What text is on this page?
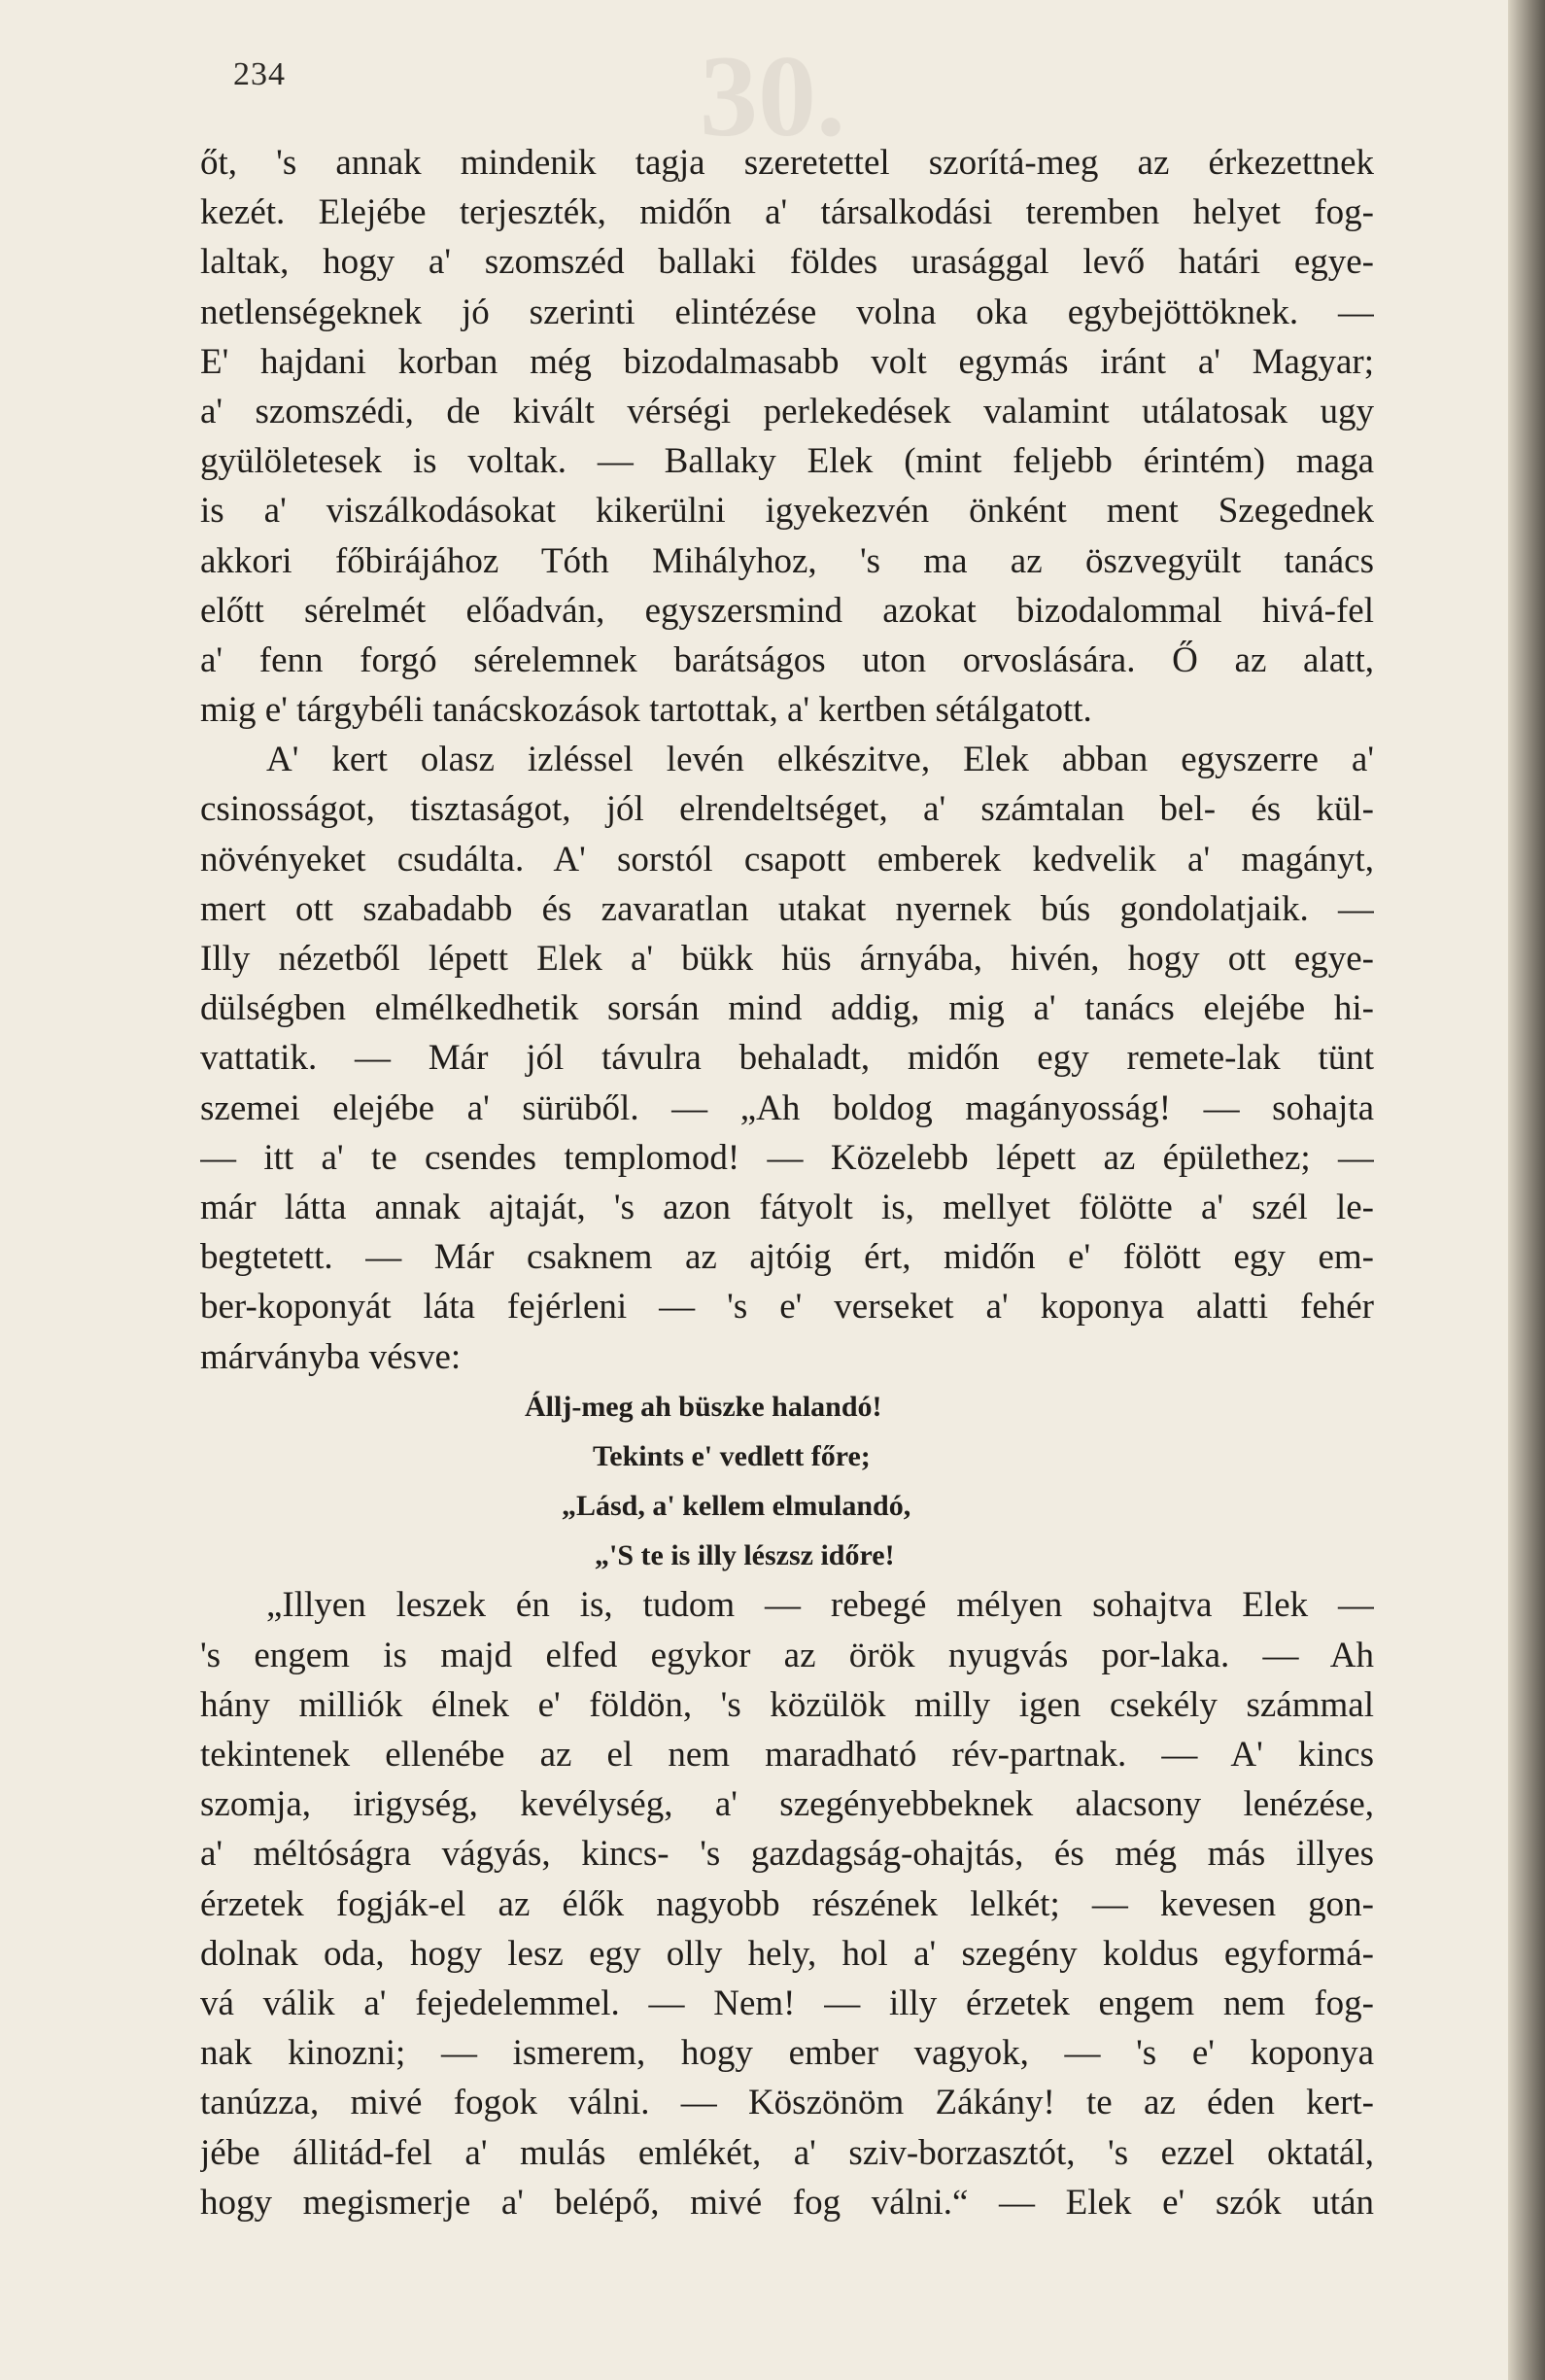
30.
234
őt, 's annak mindenik tagja szeretettel szorítá-meg az érkezettnek
kezét. Elejébe terjeszték, midőn a' társalkodási teremben helyet fog-
laltak, hogy a' szomszéd ballaki földes urasággal levő határi egye-
netlenségeknek jó szerinti elintézése volna oka egybejöttöknek. —
E' hajdani korban még bizodalmasabb volt egymás iránt a' Magyar;
a' szomszédi, de kivált vérségi perlekedések valamint utálatosak ugy
gyülöletesek is voltak. — Ballaky Elek (mint feljebb érintém) maga
is a' viszálkodásokat kikerülni igyekezvén önként ment Szegednek
akkori főbirájához Tóth Mihályhoz, 's ma az öszvegyült tanács
előtt sérelmét előadván, egyszersmind azokat bizodalommal hivá-fel
a' fenn forgó sérelemnek barátságos uton orvoslására. Ő az alatt,
mig e' tárgybéli tanácskozások tartottak, a' kertben sétálgatott.
A' kert olasz izléssel levén elkészitve, Elek abban egyszerre a'
csinosságot, tisztaságot, jól elrendeltséget, a' számtalan bel- és kül-
növényeket csudálta. A' sorstól csapott emberek kedvelik a' magányt,
mert ott szabadabb és zavaratlan utakat nyernek bús gondolatjaik. —
Illy nézetből lépett Elek a' bükk hüs árnyába, hivén, hogy ott egye-
dülségben elmélkedhetik sorsán mind addig, mig a' tanács elejébe hi-
vattatik. — Már jól távulra behaladt, midőn egy remete-lak tünt
szemei elejébe a' sürüből. — „Ah boldog magányosság! — sohajta
— itt a' te csendes templomod! — Közelebb lépett az épülethez; —
már látta annak ajtaját, 's azon fátyolt is, mellyet fölötte a' szél le-
begtetett. — Már csaknem az ajtóig ért, midőn e' fölött egy em-
ber-koponyát láta fejérleni — 's e' verseket a' koponya alatti fehér
márványba vésve:
Állj-meg ah büszke halandó!
Tekints e' vedlett főre;
„Lásd, a' kellem elmulandó,
„'S te is illy lészsz időre!
„Illyen leszek én is, tudom — rebegé mélyen sohajtva Elek —
's engem is majd elfed egykor az örök nyugvás por-laka. — Ah
hány milliók élnek e' földön, 's közülök milly igen csekély számmal
tekintenek ellenébe az el nem maradható rév-partnak. — A' kincs
szomja, irigység, kevélység, a' szegényebbeknek alacsony lenézése,
a' méltóságra vágyás, kincs- 's gazdagság-ohajtás, és még más illyes
érzetek fogják-el az élők nagyobb részének lelkét; — kevesen gon-
dolnak oda, hogy lesz egy olly hely, hol a' szegény koldus egyformá-
vá válik a' fejedelemmel. — Nem! — illy érzetek engem nem fog-
nak kinozni; — ismerem, hogy ember vagyok, — 's e' koponya
tanúzza, mivé fogok válni. — Köszönöm Zákány! te az éden kert-
jébe állitád-fel a' mulás emlékét, a' sziv-borzasztót, 's ezzel oktatál,
hogy megismerje a' belépő, mivé fog válni.“ — Elek e' szók után
